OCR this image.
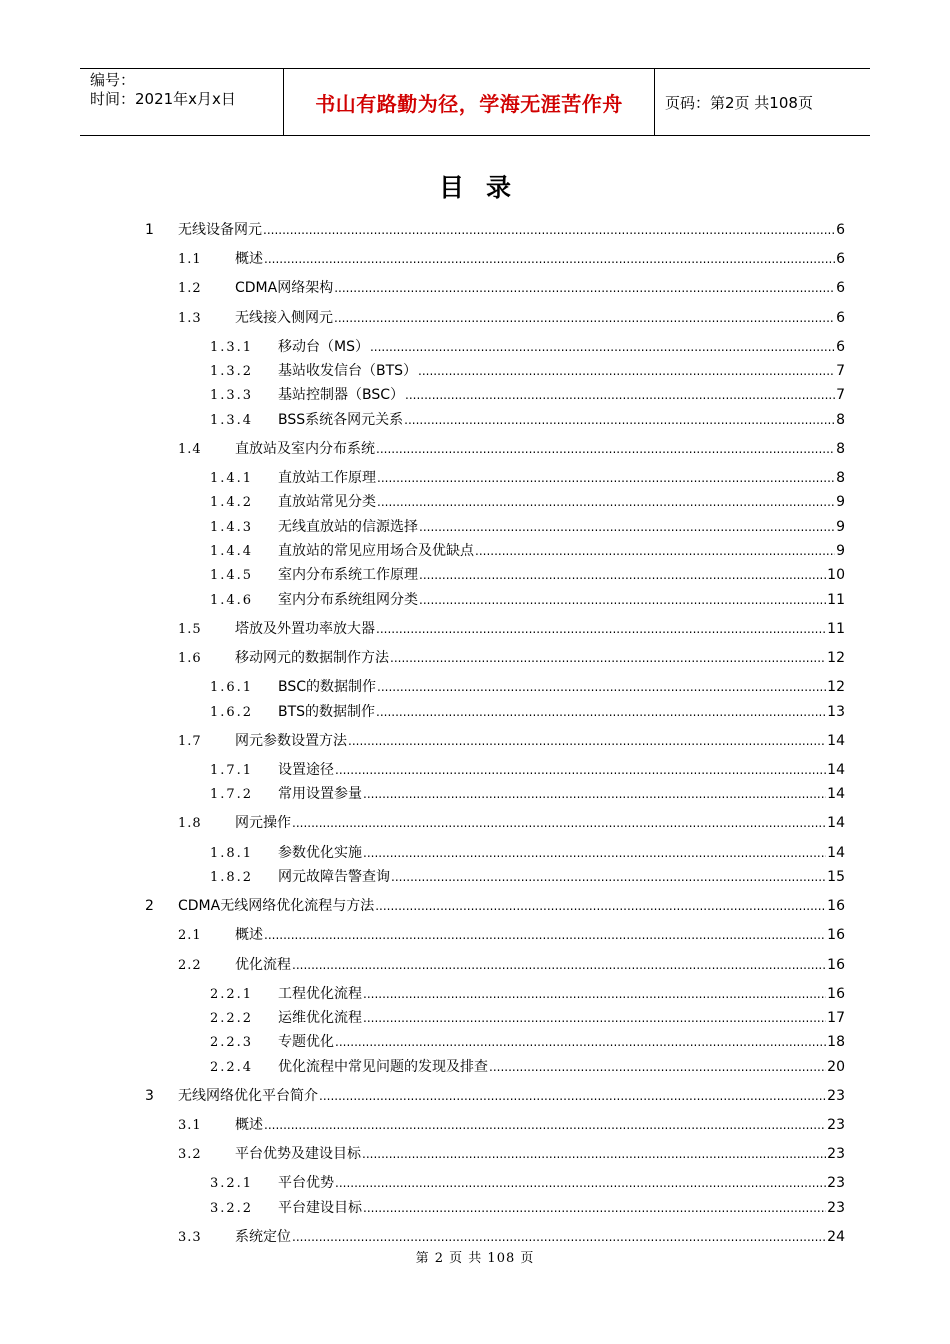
编号：
时间：2021年x月x日	书山有路勤为径，学海无涯苦作舟	页码：第2页 共108页
目录
1	无线设备网元 .....	6
1.1	概述 .....	6
1.2	CDMA网络架构 .....	6
1.3	无线接入侧网元 .....	6
1.3.1	移动台（MS） .....	6
1.3.2	基站收发信台（BTS） .....	7
1.3.3	基站控制器（BSC） .....	7
1.3.4	BSS系统各网元关系 .....	8
1.4	直放站及室内分布系统 .....	8
1.4.1	直放站工作原理 .....	8
1.4.2	直放站常见分类 .....	9
1.4.3	无线直放站的信源选择 .....	9
1.4.4	直放站的常见应用场合及优缺点 .....	9
1.4.5	室内分布系统工作原理 .....	10
1.4.6	室内分布系统组网分类 .....	11
1.5	塔放及外置功率放大器 .....	11
1.6	移动网元的数据制作方法 .....	12
1.6.1	BSC的数据制作 .....	12
1.6.2	BTS的数据制作 .....	13
1.7	网元参数设置方法 .....	14
1.7.1	设置途径 .....	14
1.7.2	常用设置参量 .....	14
1.8	网元操作 .....	14
1.8.1	参数优化实施 .....	14
1.8.2	网元故障告警查询 .....	15
2	CDMA无线网络优化流程与方法 .....	16
2.1	概述 .....	16
2.2	优化流程 .....	16
2.2.1	工程优化流程 .....	16
2.2.2	运维优化流程 .....	17
2.2.3	专题优化 .....	18
2.2.4	优化流程中常见问题的发现及排查 .....	20
3	无线网络优化平台简介 .....	23
3.1	概述 .....	23
3.2	平台优势及建设目标 .....	23
3.2.1	平台优势 .....	23
3.2.2	平台建设目标 .....	23
3.3	系统定位 .....	24
第 2 页 共 108 页
